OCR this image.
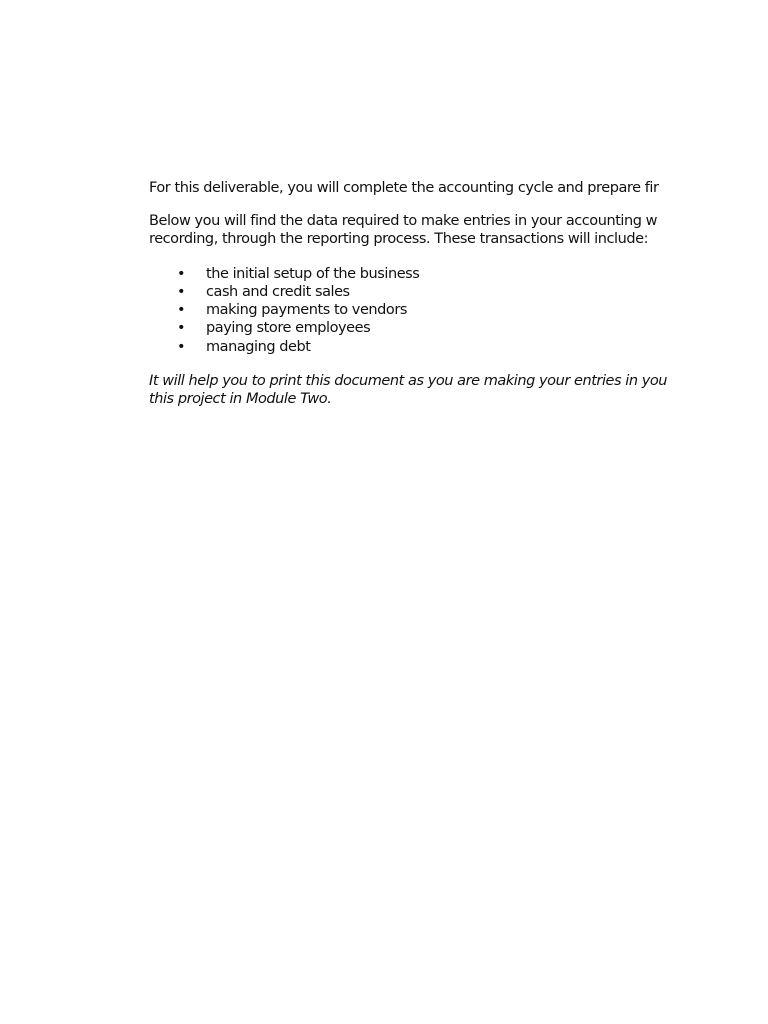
For this deliverable, you will complete the accounting cycle and prepare fir
Below you will find the data required to make entries in your accounting w
recording, through the reporting process. These transactions will include:
• the initial setup of the business
• cash and credit sales
• making payments to vendors
• paying store employees
• managing debt
It will help you to print this document as you are making your entries in you
this project in Module Two.
